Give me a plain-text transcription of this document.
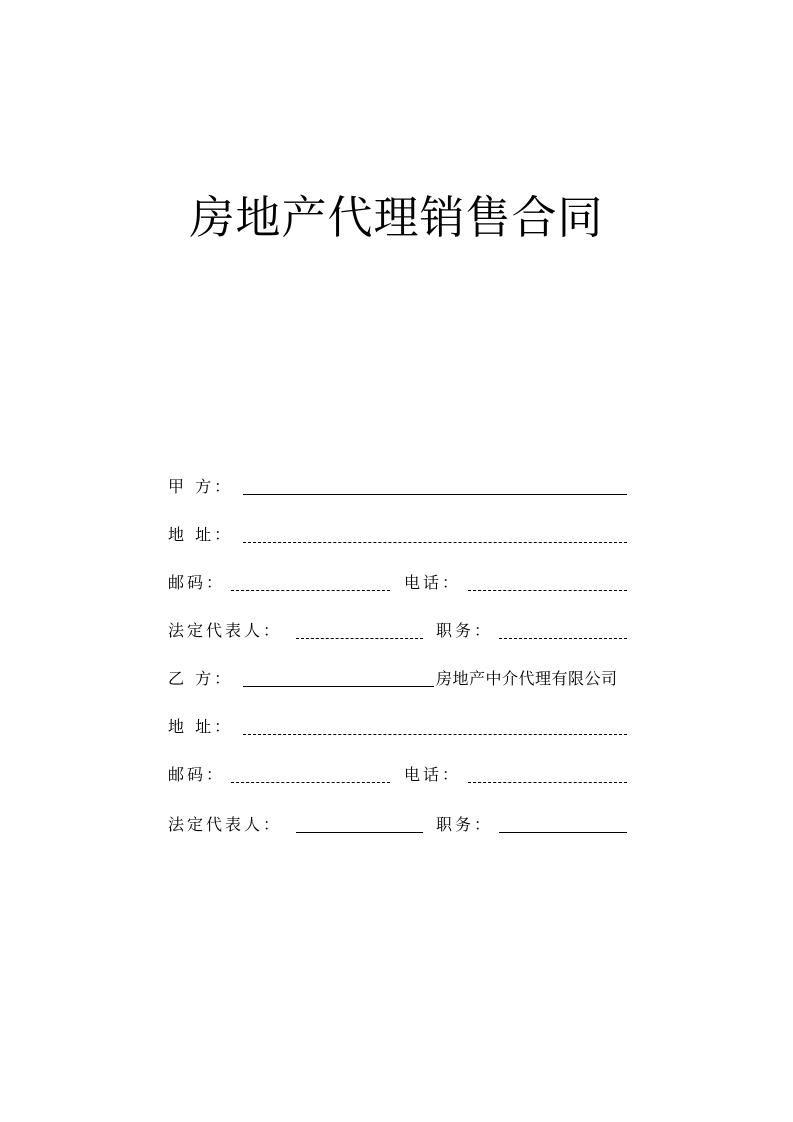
房地产代理销售合同
甲 方：
地 址：
邮码：	电话：
法定代表人：	职务：
乙 方：	房地产中介代理有限公司
地 址：
邮码：	电话：
法定代表人：	职务：
